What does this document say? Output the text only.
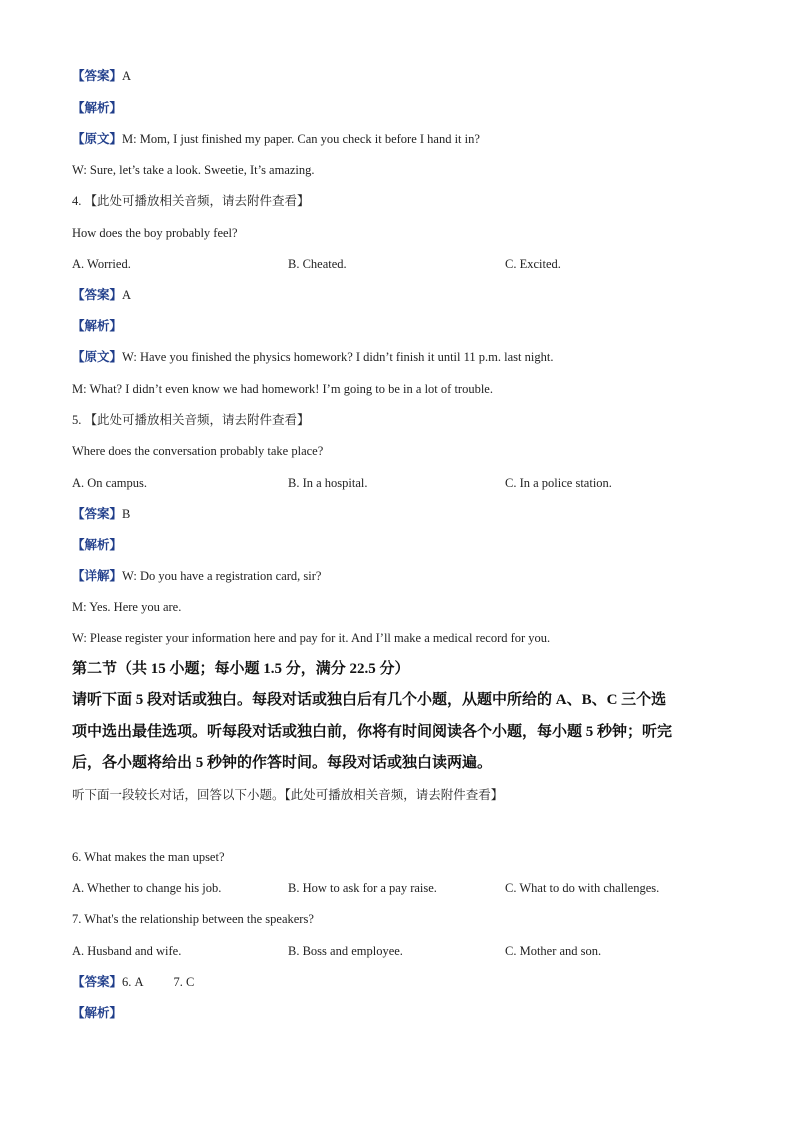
【答案】A
【解析】
【原文】M: Mom, I just finished my paper. Can you check it before I hand it in?
W: Sure, let’s take a look. Sweetie, It’s amazing.
4. 【此处可播放相关音频，请去附件查看】
How does the boy probably feel?
A. Worried.	B. Cheated.	C. Excited.
【答案】A
【解析】
【原文】W: Have you finished the physics homework? I didn’t finish it until 11 p.m. last night.
M: What? I didn’t even know we had homework! I’m going to be in a lot of trouble.
5. 【此处可播放相关音频，请去附件查看】
Where does the conversation probably take place?
A. On campus.	B. In a hospital.	C. In a police station.
【答案】B
【解析】
【详解】W: Do you have a registration card, sir?
M: Yes. Here you are.
W: Please register your information here and pay for it. And I’ll make a medical record for you.
第二节（共 15 小题；每小题 1.5 分，满分 22.5 分）
请听下面 5 段对话或独白。每段对话或独白后有几个小题，从题中所给的 A、B、C 三个选
项中选出最佳选项。听每段对话或独白前，你将有时间阅读各个小题，每小题 5 秒钟；听完
后，各小题将给出 5 秒钟的作答时间。每段对话或独白读两遍。
听下面一段较长对话，回答以下小题。【此处可播放相关音频，请去附件查看】
6. What makes the man upset?
A. Whether to change his job.	B. How to ask for a pay raise.	C. What to do with challenges.
7. What's the relationship between the speakers?
A. Husband and wife.	B. Boss and employee.	C. Mother and son.
【答案】6. A 7. C
【解析】
